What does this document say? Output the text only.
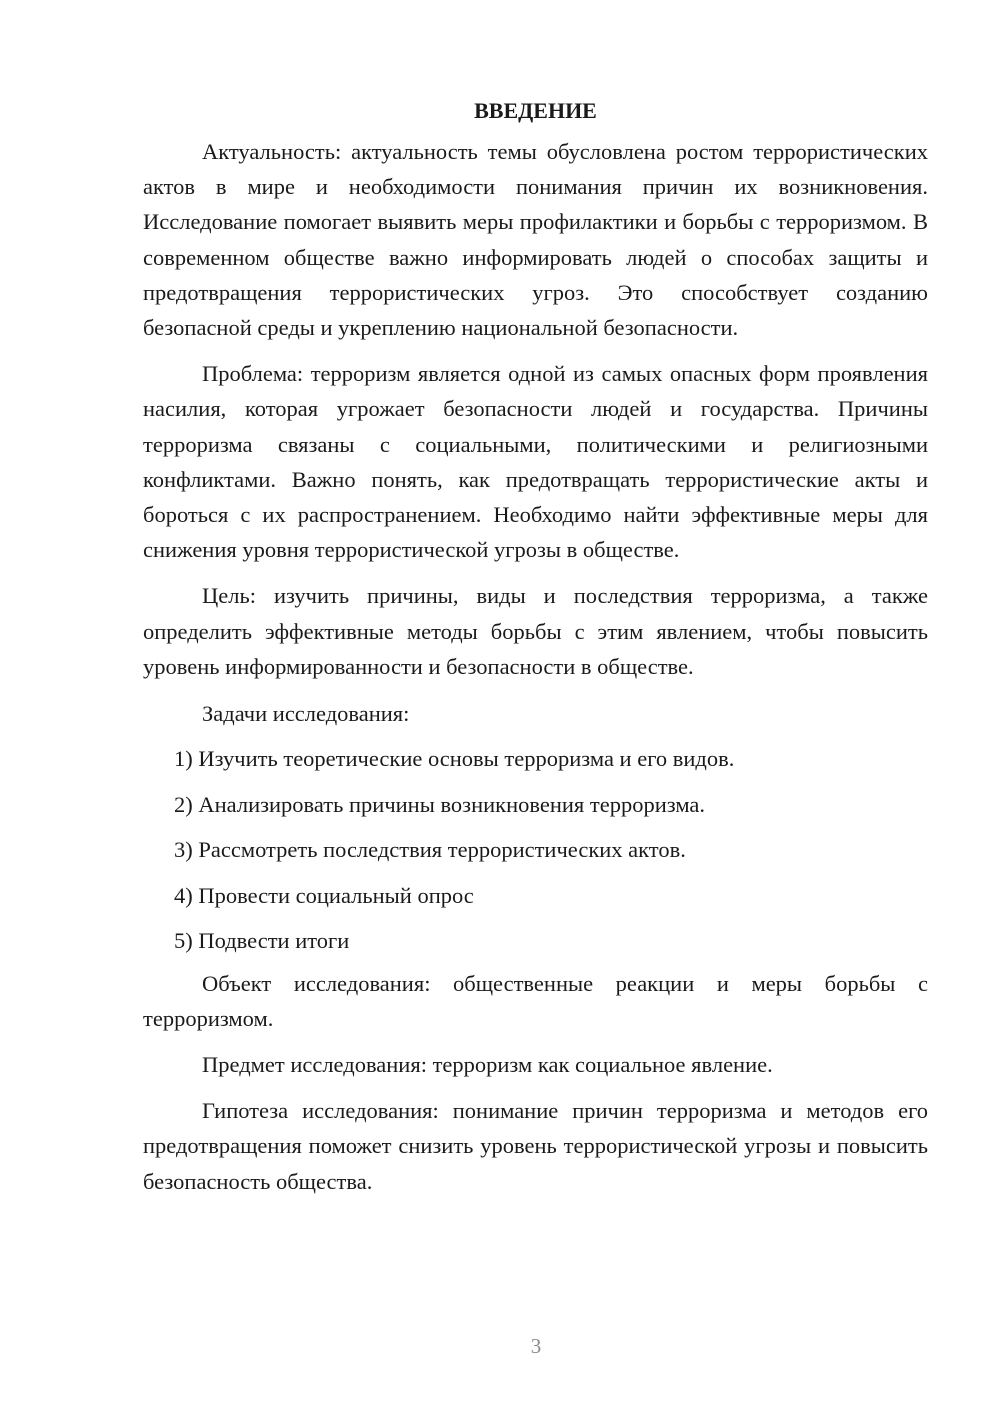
ВВЕДЕНИЕ

Актуальность: актуальность темы обусловлена ростом террористических актов в мире и необходимости понимания причин их возникновения. Исследование помогает выявить меры профилактики и борьбы с терроризмом. В современном обществе важно информировать людей о способах защиты и предотвращения террористических угроз. Это способствует созданию безопасной среды и укреплению национальной безопасности.

Проблема: терроризм является одной из самых опасных форм проявления насилия, которая угрожает безопасности людей и государства. Причины терроризма связаны с социальными, политическими и религиозными конфликтами. Важно понять, как предотвращать террористические акты и бороться с их распространением. Необходимо найти эффективные меры для снижения уровня террористической угрозы в обществе.

Цель: изучить причины, виды и последствия терроризма, а также определить эффективные методы борьбы с этим явлением, чтобы повысить уровень информированности и безопасности в обществе.

Задачи исследования:
1) Изучить теоретические основы терроризма и его видов.
2) Анализировать причины возникновения терроризма.
3) Рассмотреть последствия террористических актов.
4) Провести социальный опрос
5) Подвести итоги

Объект исследования: общественные реакции и меры борьбы с терроризмом.

Предмет исследования: терроризм как социальное явление.

Гипотеза исследования: понимание причин терроризма и методов его предотвращения поможет снизить уровень террористической угрозы и повысить безопасность общества.

3
